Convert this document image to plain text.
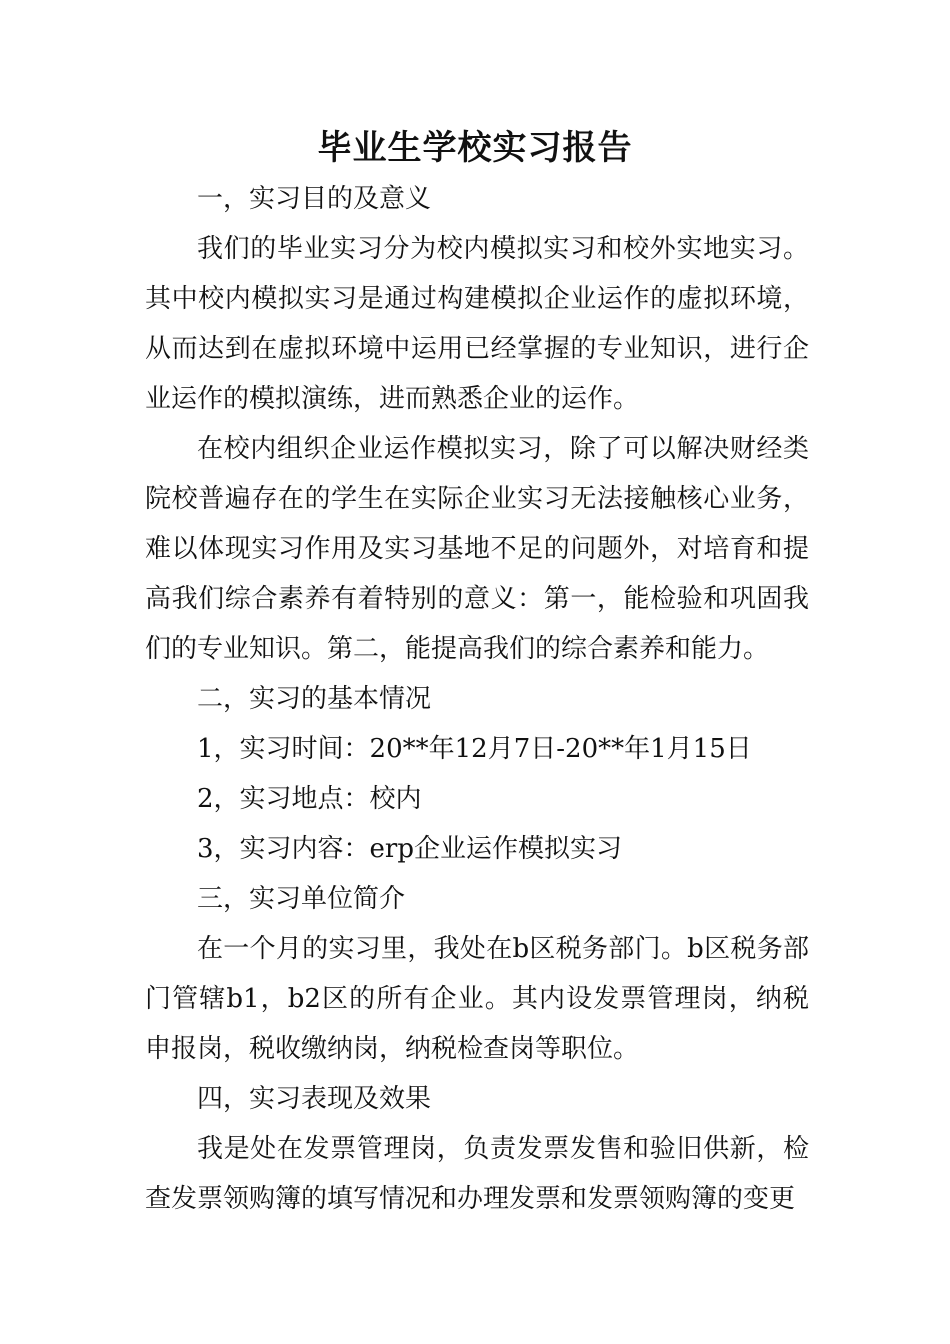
毕业生学校实习报告

一，实习目的及意义

我们的毕业实习分为校内模拟实习和校外实地实习。其中校内模拟实习是通过构建模拟企业运作的虚拟环境，从而达到在虚拟环境中运用已经掌握的专业知识，进行企业运作的模拟演练，进而熟悉企业的运作。

在校内组织企业运作模拟实习，除了可以解决财经类院校普遍存在的学生在实际企业实习无法接触核心业务，难以体现实习作用及实习基地不足的问题外，对培育和提高我们综合素养有着特别的意义：第一，能检验和巩固我们的专业知识。第二，能提高我们的综合素养和能力。

二，实习的基本情况

1，实习时间：20**年12月7日-20**年1月15日

2，实习地点：校内

3，实习内容：erp企业运作模拟实习

三，实习单位简介

在一个月的实习里，我处在b区税务部门。b区税务部门管辖b1，b2区的所有企业。其内设发票管理岗，纳税申报岗，税收缴纳岗，纳税检查岗等职位。

四，实习表现及效果

我是处在发票管理岗，负责发票发售和验旧供新，检查发票领购簿的填写情况和办理发票和发票领购簿的变更
